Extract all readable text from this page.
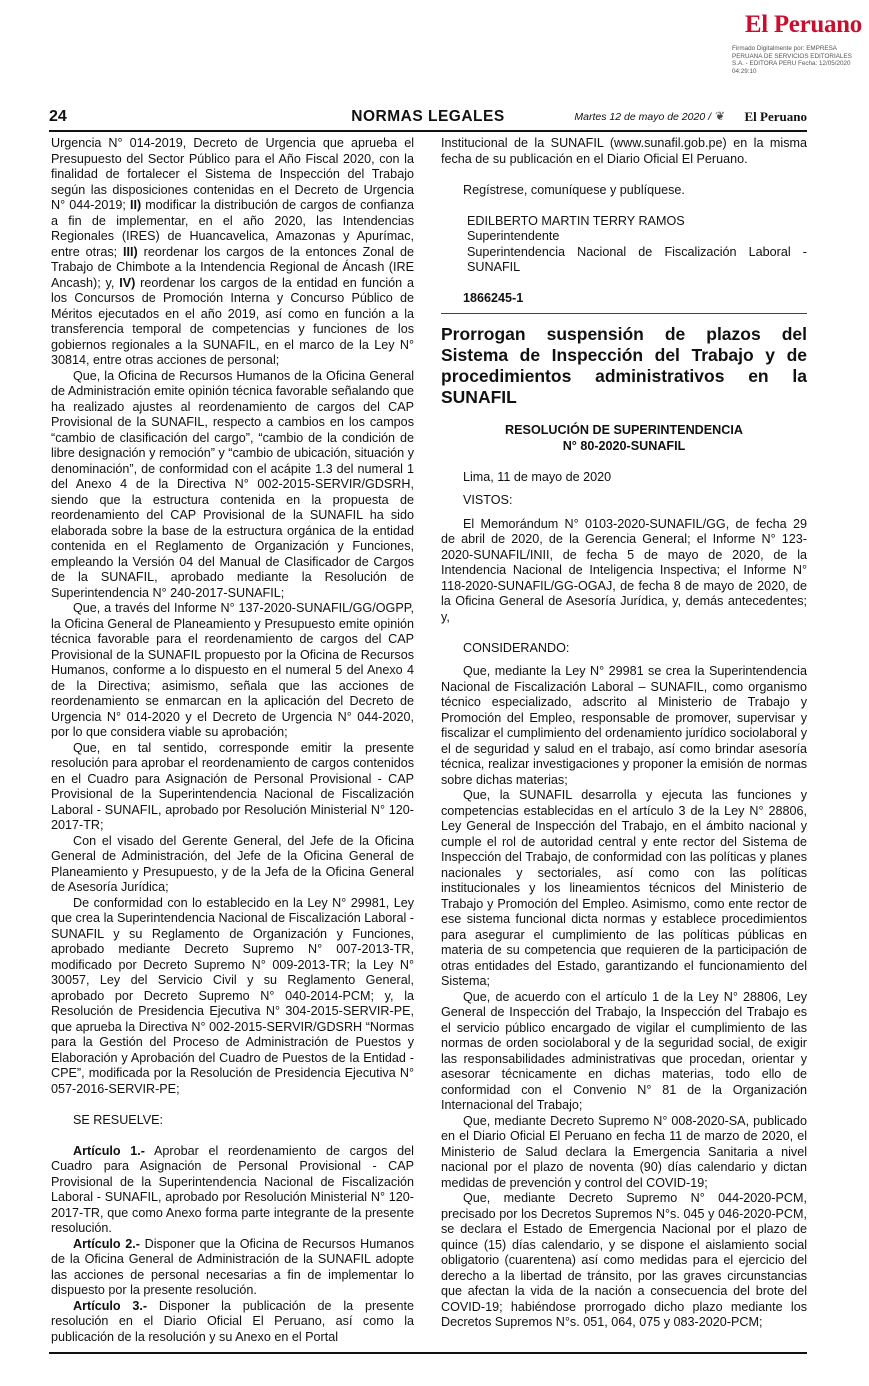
El Peruano
Firmado Digitalmente por: EMPRESA PERUANA DE SERVICIOS EDITORIALES S.A. - EDITORA PERU Fecha: 12/05/2020 04:29:10
24	NORMAS LEGALES	Martes 12 de mayo de 2020 / ❦ El Peruano

Urgencia N° 014-2019, Decreto de Urgencia que aprueba el Presupuesto del Sector Público para el Año Fiscal 2020, con la finalidad de fortalecer el Sistema de Inspección del Trabajo según las disposiciones contenidas en el Decreto de Urgencia N° 044-2019; II) modificar la distribución de cargos de confianza a fin de implementar, en el año 2020, las Intendencias Regionales (IRES) de Huancavelica, Amazonas y Apurímac, entre otras; III) reordenar los cargos de la entonces Zonal de Trabajo de Chimbote a la Intendencia Regional de Áncash (IRE Ancash); y, IV) reordenar los cargos de la entidad en función a los Concursos de Promoción Interna y Concurso Público de Méritos ejecutados en el año 2019, así como en función a la transferencia temporal de competencias y funciones de los gobiernos regionales a la SUNAFIL, en el marco de la Ley N° 30814, entre otras acciones de personal;

Que, la Oficina de Recursos Humanos de la Oficina General de Administración emite opinión técnica favorable señalando que ha realizado ajustes al reordenamiento de cargos del CAP Provisional de la SUNAFIL, respecto a cambios en los campos “cambio de clasificación del cargo”, “cambio de la condición de libre designación y remoción” y “cambio de ubicación, situación y denominación”, de conformidad con el acápite 1.3 del numeral 1 del Anexo 4 de la Directiva N° 002-2015-SERVIR/GDSRH, siendo que la estructura contenida en la propuesta de reordenamiento del CAP Provisional de la SUNAFIL ha sido elaborada sobre la base de la estructura orgánica de la entidad contenida en el Reglamento de Organización y Funciones, empleando la Versión 04 del Manual de Clasificador de Cargos de la SUNAFIL, aprobado mediante la Resolución de Superintendencia N° 240-2017-SUNAFIL;

Que, a través del Informe N° 137-2020-SUNAFIL/GG/OGPP, la Oficina General de Planeamiento y Presupuesto emite opinión técnica favorable para el reordenamiento de cargos del CAP Provisional de la SUNAFIL propuesto por la Oficina de Recursos Humanos, conforme a lo dispuesto en el numeral 5 del Anexo 4 de la Directiva; asimismo, señala que las acciones de reordenamiento se enmarcan en la aplicación del Decreto de Urgencia N° 014-2020 y el Decreto de Urgencia N° 044-2020, por lo que considera viable su aprobación;

Que, en tal sentido, corresponde emitir la presente resolución para aprobar el reordenamiento de cargos contenidos en el Cuadro para Asignación de Personal Provisional - CAP Provisional de la Superintendencia Nacional de Fiscalización Laboral - SUNAFIL, aprobado por Resolución Ministerial N° 120-2017-TR;

Con el visado del Gerente General, del Jefe de la Oficina General de Administración, del Jefe de la Oficina General de Planeamiento y Presupuesto, y de la Jefa de la Oficina General de Asesoría Jurídica;

De conformidad con lo establecido en la Ley N° 29981, Ley que crea la Superintendencia Nacional de Fiscalización Laboral - SUNAFIL y su Reglamento de Organización y Funciones, aprobado mediante Decreto Supremo N° 007-2013-TR, modificado por Decreto Supremo N° 009-2013-TR; la Ley N° 30057, Ley del Servicio Civil y su Reglamento General, aprobado por Decreto Supremo N° 040-2014-PCM; y, la Resolución de Presidencia Ejecutiva N° 304-2015-SERVIR-PE, que aprueba la Directiva N° 002-2015-SERVIR/GDSRH “Normas para la Gestión del Proceso de Administración de Puestos y Elaboración y Aprobación del Cuadro de Puestos de la Entidad - CPE”, modificada por la Resolución de Presidencia Ejecutiva N° 057-2016-SERVIR-PE;

SE RESUELVE:

Artículo 1.- Aprobar el reordenamiento de cargos del Cuadro para Asignación de Personal Provisional - CAP Provisional de la Superintendencia Nacional de Fiscalización Laboral - SUNAFIL, aprobado por Resolución Ministerial N° 120-2017-TR, que como Anexo forma parte integrante de la presente resolución.

Artículo 2.- Disponer que la Oficina de Recursos Humanos de la Oficina General de Administración de la SUNAFIL adopte las acciones de personal necesarias a fin de implementar lo dispuesto por la presente resolución.

Artículo 3.- Disponer la publicación de la presente resolución en el Diario Oficial El Peruano, así como la publicación de la resolución y su Anexo en el Portal

Institucional de la SUNAFIL (www.sunafil.gob.pe) en la misma fecha de su publicación en el Diario Oficial El Peruano.

Regístrese, comuníquese y publíquese.

EDILBERTO MARTIN TERRY RAMOS

Superintendente

Superintendencia Nacional de Fiscalización Laboral - SUNAFIL

1866245-1

Prorrogan suspensión de plazos del Sistema de Inspección del Trabajo y de procedimientos administrativos en la SUNAFIL
RESOLUCIÓN DE SUPERINTENDENCIA
N° 80-2020-SUNAFIL

Lima, 11 de mayo de 2020

VISTOS:

El Memorándum N° 0103-2020-SUNAFIL/GG, de fecha 29 de abril de 2020, de la Gerencia General; el Informe N° 123-2020-SUNAFIL/INII, de fecha 5 de mayo de 2020, de la Intendencia Nacional de Inteligencia Inspectiva; el Informe N° 118-2020-SUNAFIL/GG-OGAJ, de fecha 8 de mayo de 2020, de la Oficina General de Asesoría Jurídica, y, demás antecedentes; y,

CONSIDERANDO:

Que, mediante la Ley N° 29981 se crea la Superintendencia Nacional de Fiscalización Laboral – SUNAFIL, como organismo técnico especializado, adscrito al Ministerio de Trabajo y Promoción del Empleo, responsable de promover, supervisar y fiscalizar el cumplimiento del ordenamiento jurídico sociolaboral y el de seguridad y salud en el trabajo, así como brindar asesoría técnica, realizar investigaciones y proponer la emisión de normas sobre dichas materias;

Que, la SUNAFIL desarrolla y ejecuta las funciones y competencias establecidas en el artículo 3 de la Ley N° 28806, Ley General de Inspección del Trabajo, en el ámbito nacional y cumple el rol de autoridad central y ente rector del Sistema de Inspección del Trabajo, de conformidad con las políticas y planes nacionales y sectoriales, así como con las políticas institucionales y los lineamientos técnicos del Ministerio de Trabajo y Promoción del Empleo. Asimismo, como ente rector de ese sistema funcional dicta normas y establece procedimientos para asegurar el cumplimiento de las políticas públicas en materia de su competencia que requieren de la participación de otras entidades del Estado, garantizando el funcionamiento del Sistema;

Que, de acuerdo con el artículo 1 de la Ley N° 28806, Ley General de Inspección del Trabajo, la Inspección del Trabajo es el servicio público encargado de vigilar el cumplimiento de las normas de orden sociolaboral y de la seguridad social, de exigir las responsabilidades administrativas que procedan, orientar y asesorar técnicamente en dichas materias, todo ello de conformidad con el Convenio N° 81 de la Organización Internacional del Trabajo;

Que, mediante Decreto Supremo N° 008-2020-SA, publicado en el Diario Oficial El Peruano en fecha 11 de marzo de 2020, el Ministerio de Salud declara la Emergencia Sanitaria a nivel nacional por el plazo de noventa (90) días calendario y dictan medidas de prevención y control del COVID-19;

Que, mediante Decreto Supremo N° 044-2020-PCM, precisado por los Decretos Supremos N°s. 045 y 046-2020-PCM, se declara el Estado de Emergencia Nacional por el plazo de quince (15) días calendario, y se dispone el aislamiento social obligatorio (cuarentena) así como medidas para el ejercicio del derecho a la libertad de tránsito, por las graves circunstancias que afectan la vida de la nación a consecuencia del brote del COVID-19; habiéndose prorrogado dicho plazo mediante los Decretos Supremos N°s. 051, 064, 075 y 083-2020-PCM;
